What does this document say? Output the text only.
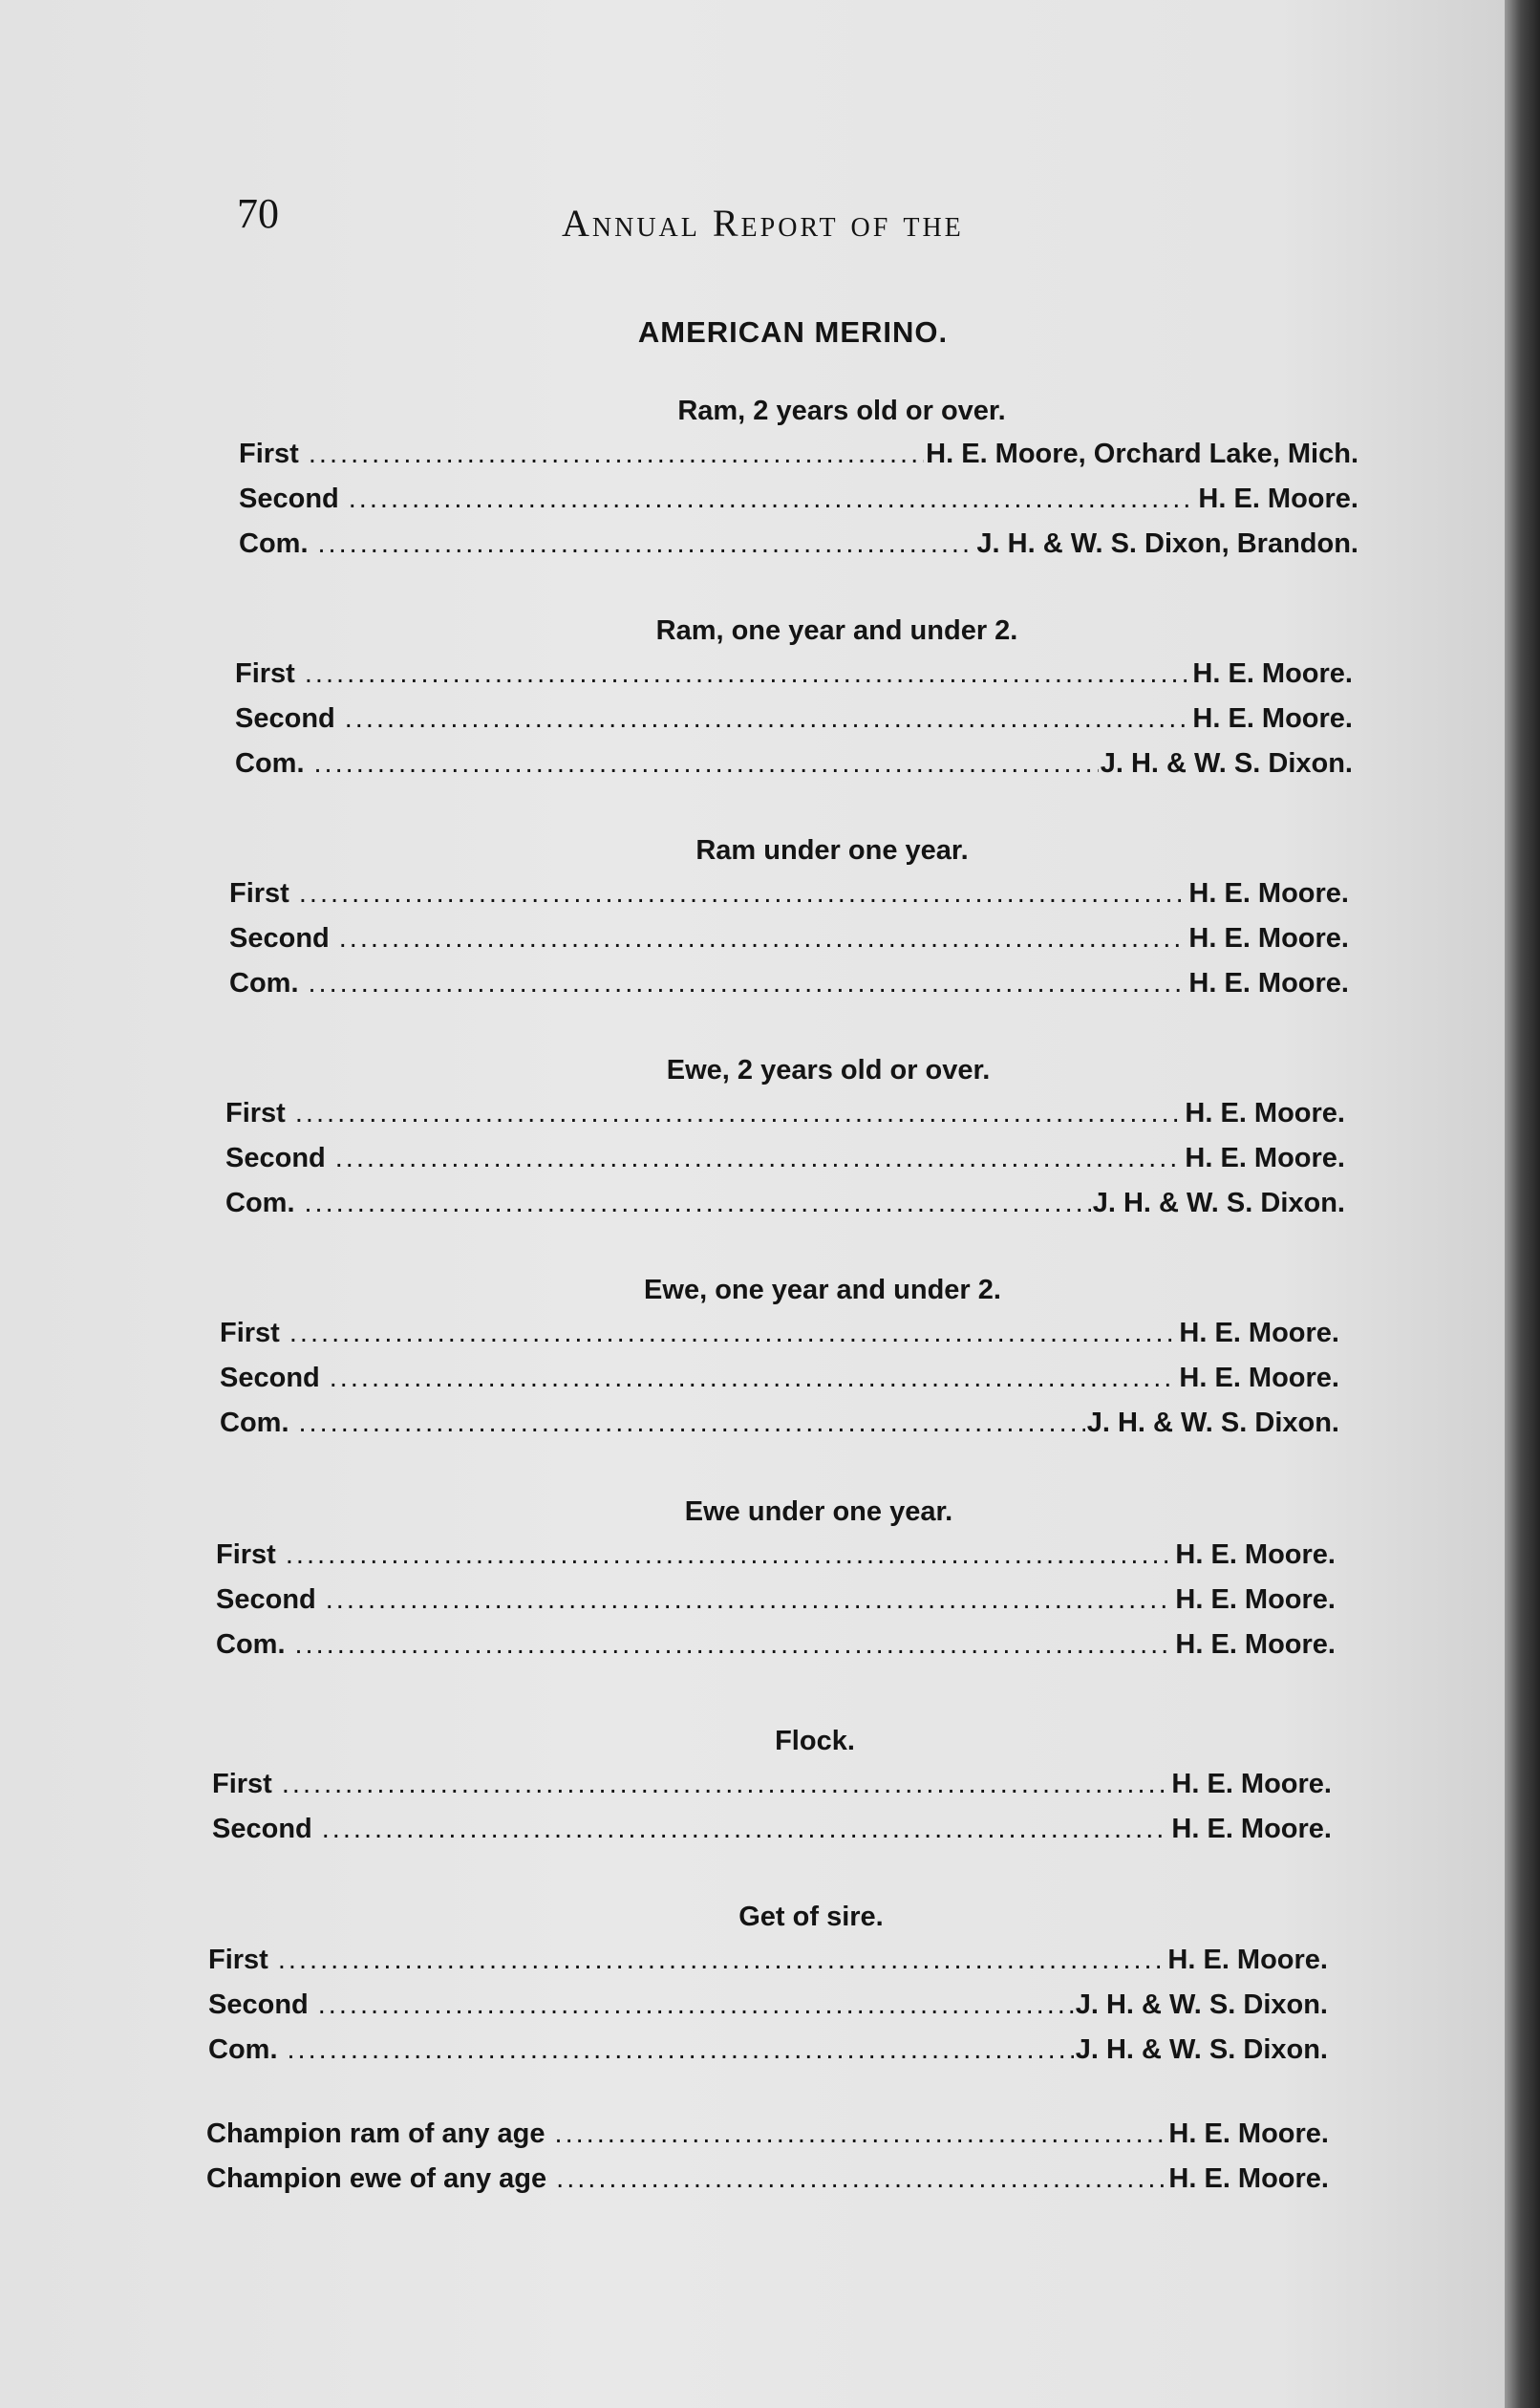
70	Annual Report of the
AMERICAN MERINO.
Ram, 2 years old or over.
First .....	H. E. Moore, Orchard Lake, Mich.
Second .....	H. E. Moore.
Com. .....	J. H. & W. S. Dixon, Brandon.
Ram, one year and under 2.
First .....	H. E. Moore.
Second .....	H. E. Moore.
Com. .....	J. H. & W. S. Dixon.
Ram under one year.
First .....	H. E. Moore.
Second .....	H. E. Moore.
Com. .....	H. E. Moore.
Ewe, 2 years old or over.
First .....	H. E. Moore.
Second .....	H. E. Moore.
Com. .....	J. H. & W. S. Dixon.
Ewe, one year and under 2.
First .....	H. E. Moore.
Second .....	H. E. Moore.
Com. .....	J. H. & W. S. Dixon.
Ewe under one year.
First .....	H. E. Moore.
Second .....	H. E. Moore.
Com. .....	H. E. Moore.
Flock.
First .....	H. E. Moore.
Second .....	H. E. Moore.
Get of sire.
First .....	H. E. Moore.
Second .....	J. H. & W. S. Dixon.
Com. .....	J. H. & W. S. Dixon.
Champion ram of any age .....	H. E. Moore.
Champion ewe of any age .....	H. E. Moore.
